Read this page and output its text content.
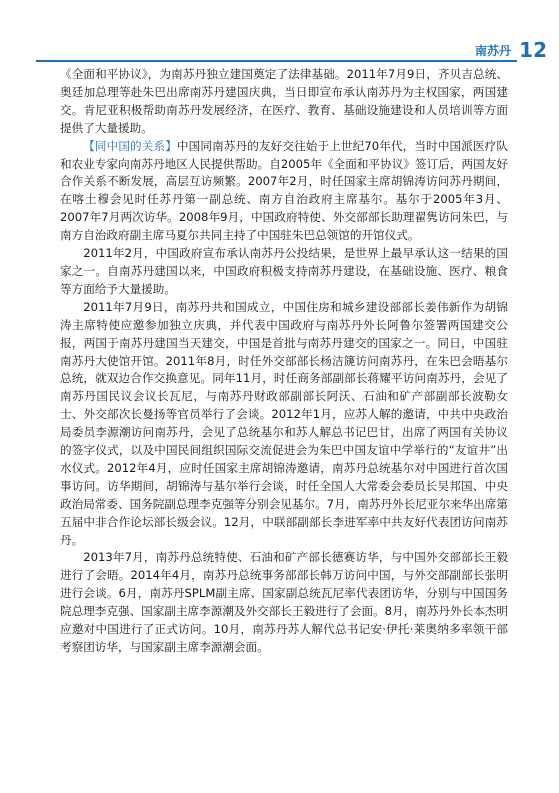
南苏丹 12

《全面和平协议》，为南苏丹独立建国奠定了法律基础。2011年7月9日，齐贝吉总统、奥廷加总理等赴朱巴出席南苏丹建国庆典，当日即宣布承认南苏丹为主权国家，两国建交。肯尼亚积极帮助南苏丹发展经济，在医疗、教育、基础设施建设和人员培训等方面提供了大量援助。

【同中国的关系】中国同南苏丹的友好交往始于上世纪70年代，当时中国派医疗队和农业专家向南苏丹地区人民提供帮助。自2005年《全面和平协议》签订后，两国友好合作关系不断发展，高层互访频繁。2007年2月，时任国家主席胡锦涛访问苏丹期间，在喀土穆会见时任苏丹第一副总统、南方自治政府主席基尔。基尔于2005年3月、2007年7月两次访华。2008年9月，中国政府特使、外交部部长助理翟隽访问朱巴，与南方自治政府副主席马夏尔共同主持了中国驻朱巴总领馆的开馆仪式。

2011年2月，中国政府宣布承认南苏丹公投结果，是世界上最早承认这一结果的国家之一。自南苏丹建国以来，中国政府积极支持南苏丹建设，在基础设施、医疗、粮食等方面给予大量援助。

2011年7月9日，南苏丹共和国成立，中国住房和城乡建设部部长姜伟新作为胡锦涛主席特使应邀参加独立庆典，并代表中国政府与南苏丹外长阿鲁尔签署两国建交公报，两国于南苏丹建国当天建交，中国是首批与南苏丹建交的国家之一。同日，中国驻南苏丹大使馆开馆。2011年8月，时任外交部部长杨洁篪访问南苏丹，在朱巴会晤基尔总统，就双边合作交换意见。同年11月，时任商务部副部长蒋耀平访问南苏丹，会见了南苏丹国民议会议长瓦尼，与南苏丹财政部副部长阿沃、石油和矿产部副部长波勒女士、外交部次长曼扬等官员举行了会谈。2012年1月，应苏人解的邀请，中共中央政治局委员李源潮访问南苏丹，会见了总统基尔和苏人解总书记巴甘，出席了两国有关协议的签字仪式，以及中国民间组织国际交流促进会为朱巴中国友谊中学举行的“友谊井”出水仪式。2012年4月，应时任国家主席胡锦涛邀请，南苏丹总统基尔对中国进行首次国事访问。访华期间，胡锦涛与基尔举行会谈，时任全国人大常委会委员长吴邦国、中央政治局常委、国务院副总理李克强等分别会见基尔。7月，南苏丹外长尼亚尔来华出席第五届中非合作论坛部长级会议。12月，中联部副部长李进军率中共友好代表团访问南苏丹。

2013年7月，南苏丹总统特使、石油和矿产部长德赛访华，与中国外交部部长王毅进行了会晤。2014年4月，南苏丹总统事务部部长韩万访问中国，与外交部副部长张明进行会谈。6月，南苏丹SPLM副主席、国家副总统瓦尼率代表团访华，分别与中国国务院总理李克强、国家副主席李源潮及外交部长王毅进行了会面。8月，南苏丹外长本杰明应邀对中国进行了正式访问。10月，南苏丹苏人解代总书记安·伊托·莱奥纳多率领干部考察团访华，与国家副主席李源潮会面。
